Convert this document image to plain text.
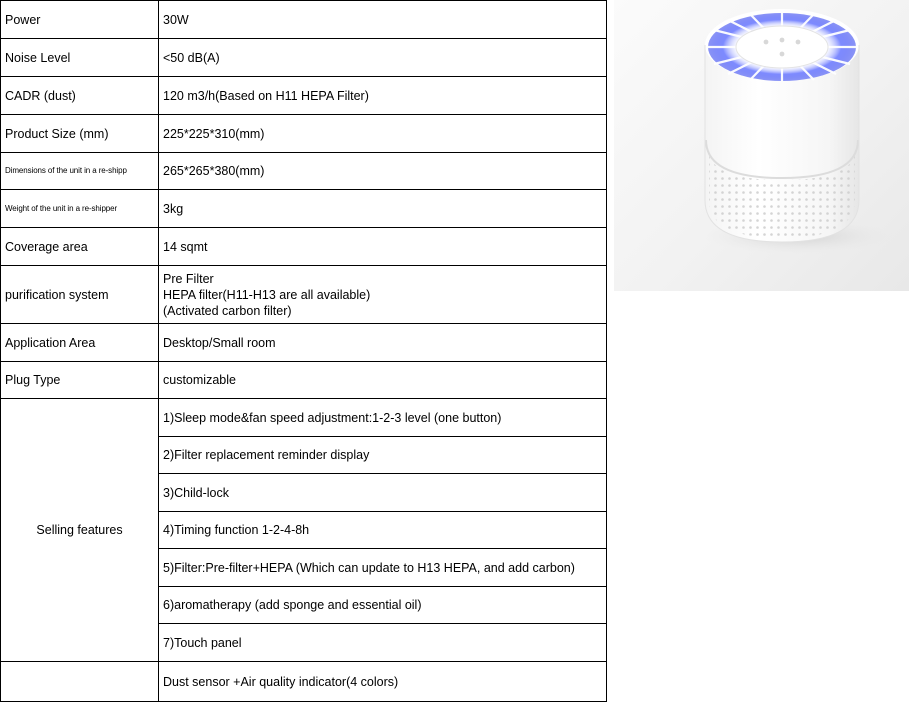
Power	30W
Noise Level	<50 dB(A)
CADR (dust)	120 m3/h(Based on H11 HEPA Filter)
Product Size (mm)	225*225*310(mm)
Dimensions of the unit in a re-shipp	265*265*380(mm)
Weight of the unit in a re-shipper	3kg
Coverage area	14 sqmt
purification system	Pre Filter
HEPA filter(H11-H13 are all available)
(Activated carbon filter)

Application Area	Desktop/Small room
Plug Type	customizable
Selling features	1)Sleep mode&fan speed adjustment:1-2-3 level (one button)
	2)Filter replacement reminder display
	3)Child-lock
	4)Timing function 1-2-4-8h
	5)Filter:Pre-filter+HEPA (Which can update to H13 HEPA, and add carbon)
	6)aromatherapy (add sponge and essential oil)
	7)Touch panel
	Dust sensor +Air quality indicator(4 colors)
